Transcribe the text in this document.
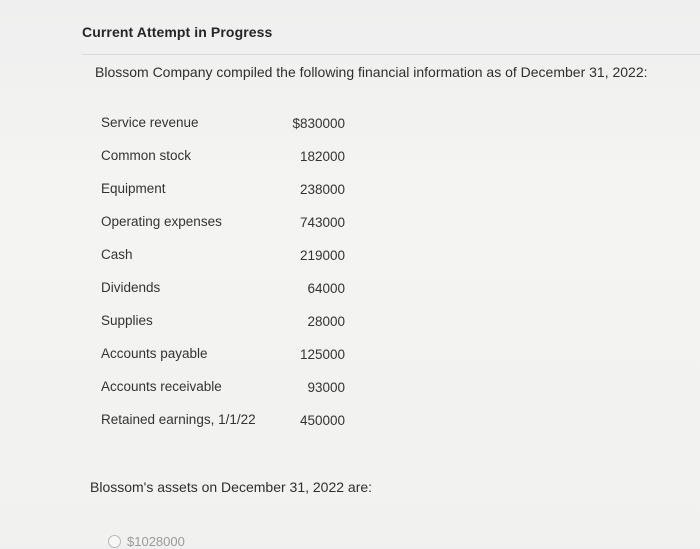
Current Attempt in Progress
Blossom Company compiled the following financial information as of December 31, 2022:
Service revenue	$830000
Common stock	182000
Equipment	238000
Operating expenses	743000
Cash	219000
Dividends	64000
Supplies	28000
Accounts payable	125000
Accounts receivable	93000
Retained earnings, 1/1/22	450000
Blossom's assets on December 31, 2022 are:
$1028000
